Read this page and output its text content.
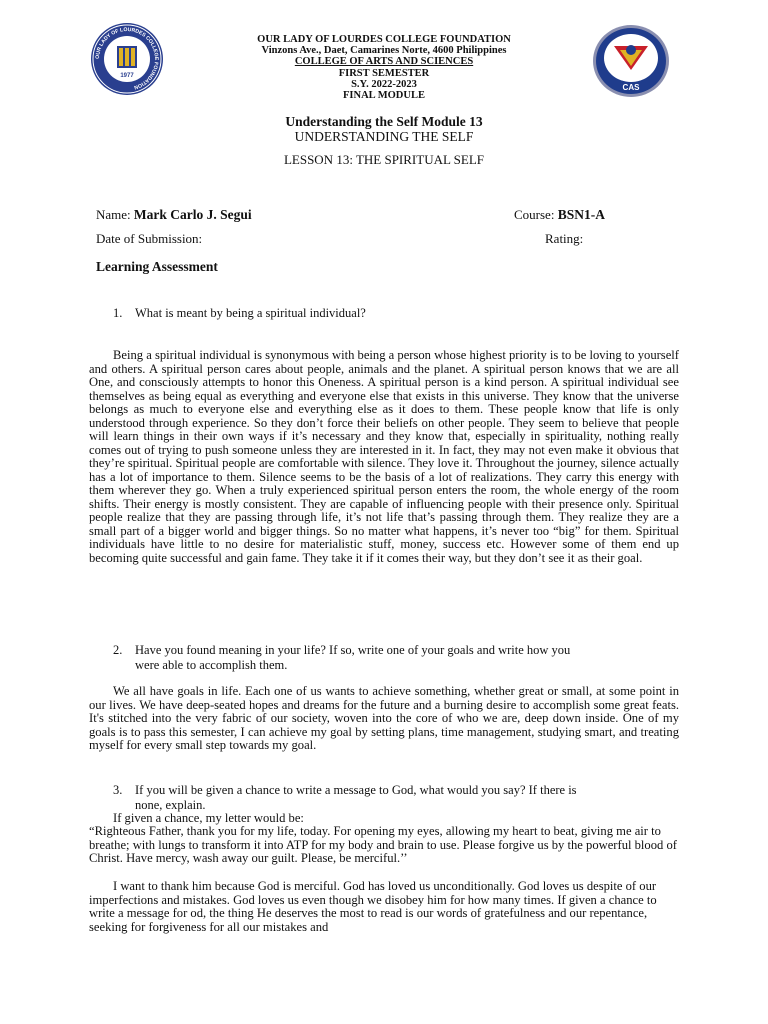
OUR LADY OF LOURDES COLLEGE FOUNDATION
1977
CAS
OUR LADY OF LOURDES COLLEGE FOUNDATION
Vinzons Ave., Daet, Camarines Norte, 4600 Philippines
COLLEGE OF ARTS AND SCIENCES
FIRST SEMESTER
S.Y. 2022-2023
FINAL MODULE
Understanding the Self Module 13
UNDERSTANDING THE SELF
LESSON 13: THE SPIRITUAL SELF
Name: Mark Carlo J. Segui	Course: BSN1-A
Date of Submission:	Rating:
Learning Assessment
1. What is meant by being a spiritual individual?
Being a spiritual individual is synonymous with being a person whose highest priority is to be loving to yourself and others. A spiritual person cares about people, animals and the planet. A spiritual person knows that we are all One, and consciously attempts to honor this Oneness. A spiritual person is a kind person. A spiritual individual see themselves as being equal as everything and everyone else that exists in this universe. They know that the universe belongs as much to everyone else and everything else as it does to them. These people know that life is only understood through experience. So they don’t force their beliefs on other people. They seem to believe that people will learn things in their own ways if it’s necessary and they know that, especially in spirituality, nothing really comes out of trying to push someone unless they are interested in it. In fact, they may not even make it obvious that they’re spiritual. Spiritual people are comfortable with silence. They love it. Throughout the journey, silence actually has a lot of importance to them. Silence seems to be the basis of a lot of realizations. They carry this energy with them wherever they go. When a truly experienced spiritual person enters the room, the whole energy of the room shifts. Their energy is mostly consistent. They are capable of influencing people with their presence only. Spiritual people realize that they are passing through life, it’s not life that’s passing through them. They realize they are a small part of a bigger world and bigger things. So no matter what happens, it’s never too “big” for them. Spiritual individuals have little to no desire for materialistic stuff, money, success etc. However some of them end up becoming quite successful and gain fame. They take it if it comes their way, but they don’t see it as their goal.
2. Have you found meaning in your life? If so, write one of your goals and write how you
were able to accomplish them.
We all have goals in life. Each one of us wants to achieve something, whether great or small, at some point in our lives. We have deep-seated hopes and dreams for the future and a burning desire to accomplish some great feats. It's stitched into the very fabric of our society, woven into the core of who we are, deep down inside. One of my goals is to pass this semester, I can achieve my goal by setting plans, time management, studying smart, and treating myself for every small step towards my goal.
3. If you will be given a chance to write a message to God, what would you say? If there is
none, explain.
If given a chance, my letter would be:
“Righteous Father, thank you for my life, today. For opening my eyes, allowing my heart to beat, giving me air to breathe; with lungs to transform it into ATP for my body and brain to use. Please forgive us by the powerful blood of Christ. Have mercy, wash away our guilt. Please, be merciful.’’
I want to thank him because God is merciful. God has loved us unconditionally. God loves us despite of our imperfections and mistakes. God loves us even though we disobey him for how many times. If given a chance to write a message for od, the thing He deserves the most to read is our words of gratefulness and our repentance, seeking for forgiveness for all our mistakes and
